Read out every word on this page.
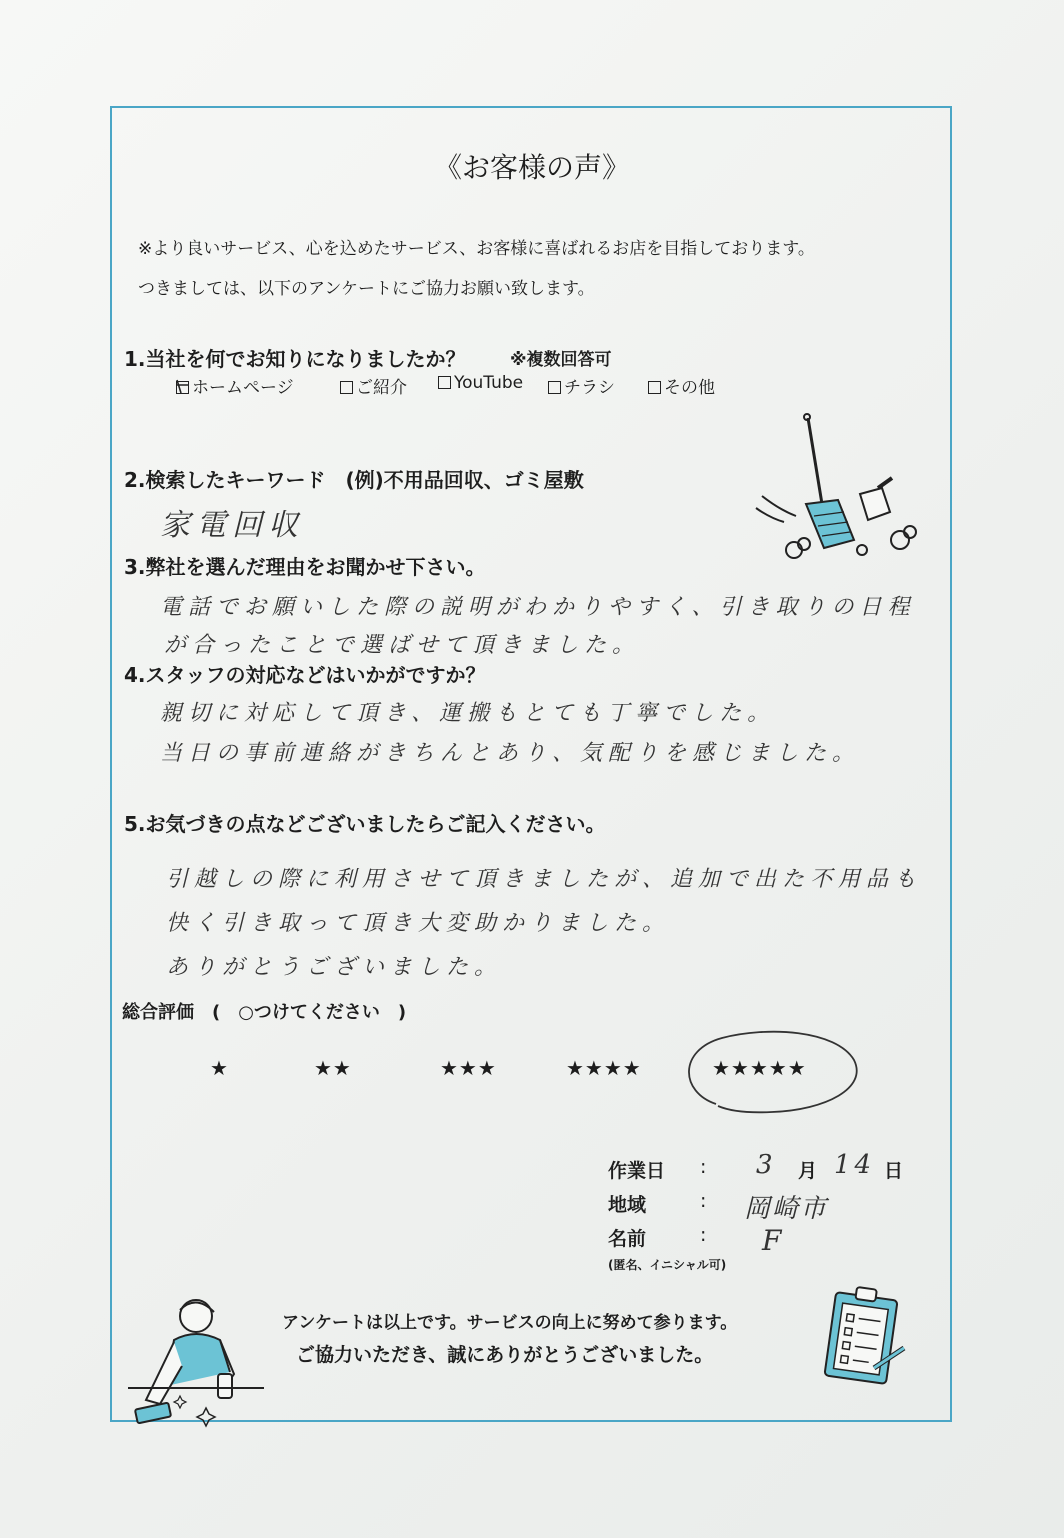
《お客様の声》
※より良いサービス、心を込めたサービス、お客様に喜ばれるお店を目指しております。
つきましては、以下のアンケートにご協力お願い致します。
1.当社を何でお知りになりましたか？	※複数回答可
ホームページ	ご紹介	YouTube	チラシ	その他
2.検索したキーワード　(例)不用品回収、ゴミ屋敷
家電回収
3.弊社を選んだ理由をお聞かせ下さい。
電話でお願いした際の説明がわかりやすく、引き取りの日程
が合ったことで選ばせて頂きました。
4.スタッフの対応などはいかがですか？
親切に対応して頂き、運搬もとても丁寧でした。
当日の事前連絡がきちんとあり、気配りを感じました。
5.お気づきの点などございましたらご記入ください。
引越しの際に利用させて頂きましたが、追加で出た不用品も
快く引き取って頂き大変助かりました。
ありがとうございました。
総合評価　(　○つけてください　)
★	★★	★★★	★★★★	★★★★★
作業日 : 3 月 14 日
地域	: 岡崎市
名前	: F
(匿名、イニシャル可)
アンケートは以上です。サービスの向上に努めて参ります。
ご協力いただき、誠にありがとうございました。
